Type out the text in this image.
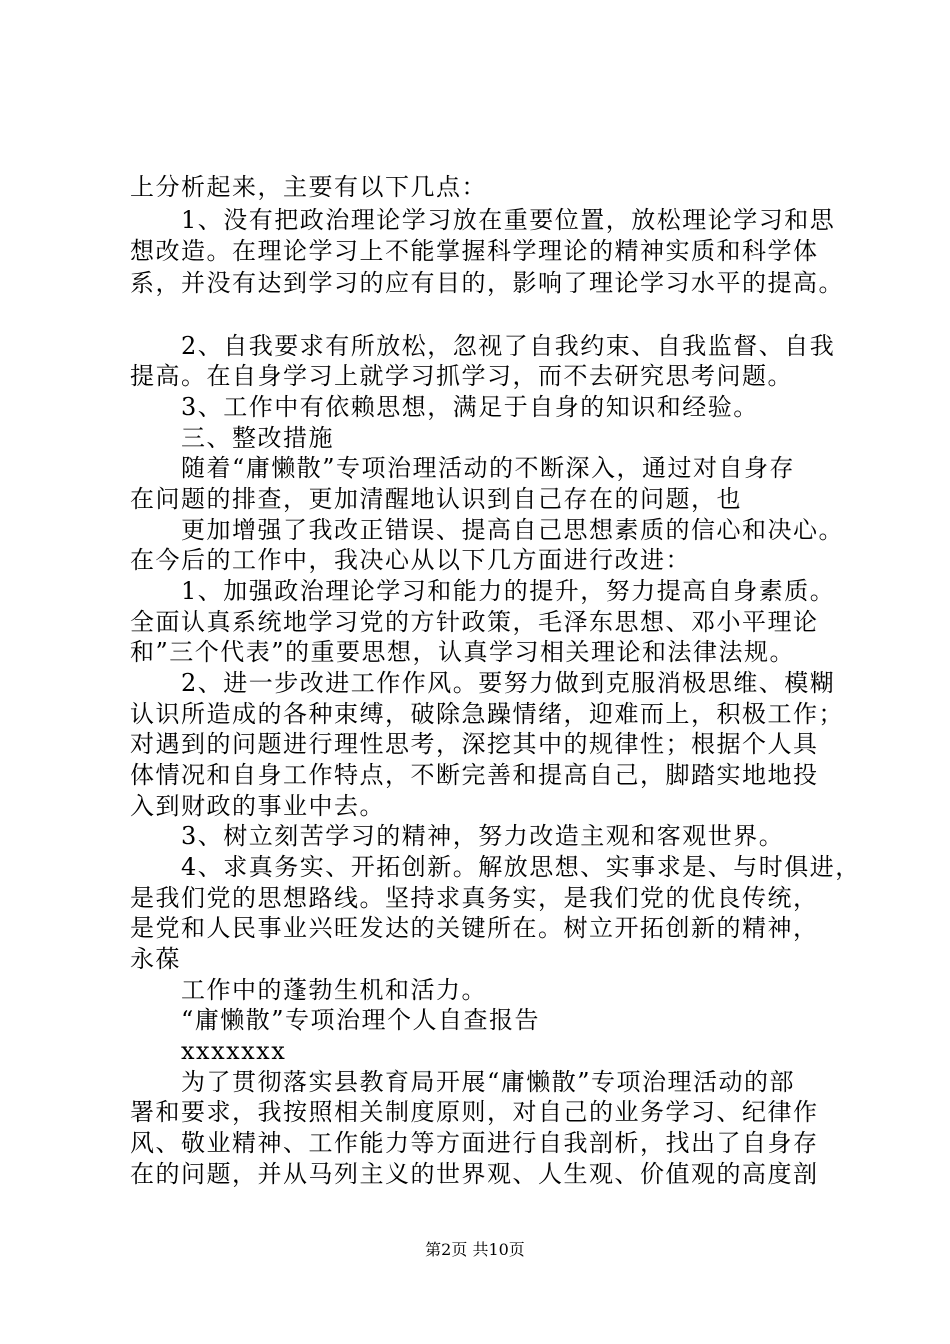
上分析起来，主要有以下几点：
　　1、没有把政治理论学习放在重要位置，放松理论学习和思
想改造。在理论学习上不能掌握科学理论的精神实质和科学体
系，并没有达到学习的应有目的，影响了理论学习水平的提高。
　　2、自我要求有所放松，忽视了自我约束、自我监督、自我
提高。在自身学习上就学习抓学习，而不去研究思考问题。
　　3、工作中有依赖思想，满足于自身的知识和经验。
　　三、整改措施
　　随着“庸懒散”专项治理活动的不断深入，通过对自身存
在问题的排查，更加清醒地认识到自己存在的问题，也
　　更加增强了我改正错误、提高自己思想素质的信心和决心。
在今后的工作中，我决心从以下几方面进行改进：
　　1、加强政治理论学习和能力的提升，努力提高自身素质。
全面认真系统地学习党的方针政策，毛泽东思想、邓小平理论
和”三个代表”的重要思想，认真学习相关理论和法律法规。
　　2、进一步改进工作作风。要努力做到克服消极思维、模糊
认识所造成的各种束缚，破除急躁情绪，迎难而上，积极工作；
对遇到的问题进行理性思考，深挖其中的规律性；根据个人具
体情况和自身工作特点，不断完善和提高自己，脚踏实地地投
入到财政的事业中去。
　　3、树立刻苦学习的精神，努力改造主观和客观世界。
　　4、求真务实、开拓创新。解放思想、实事求是、与时俱进，
是我们党的思想路线。坚持求真务实，是我们党的优良传统，
是党和人民事业兴旺发达的关键所在。树立开拓创新的精神，
永葆
　　工作中的蓬勃生机和活力。
　　“庸懒散”专项治理个人自查报告
　　xxxxxxx
　　为了贯彻落实县教育局开展“庸懒散”专项治理活动的部
署和要求，我按照相关制度原则，对自己的业务学习、纪律作
风、敬业精神、工作能力等方面进行自我剖析，找出了自身存
在的问题，并从马列主义的世界观、人生观、价值观的高度剖
第2页 共10页
